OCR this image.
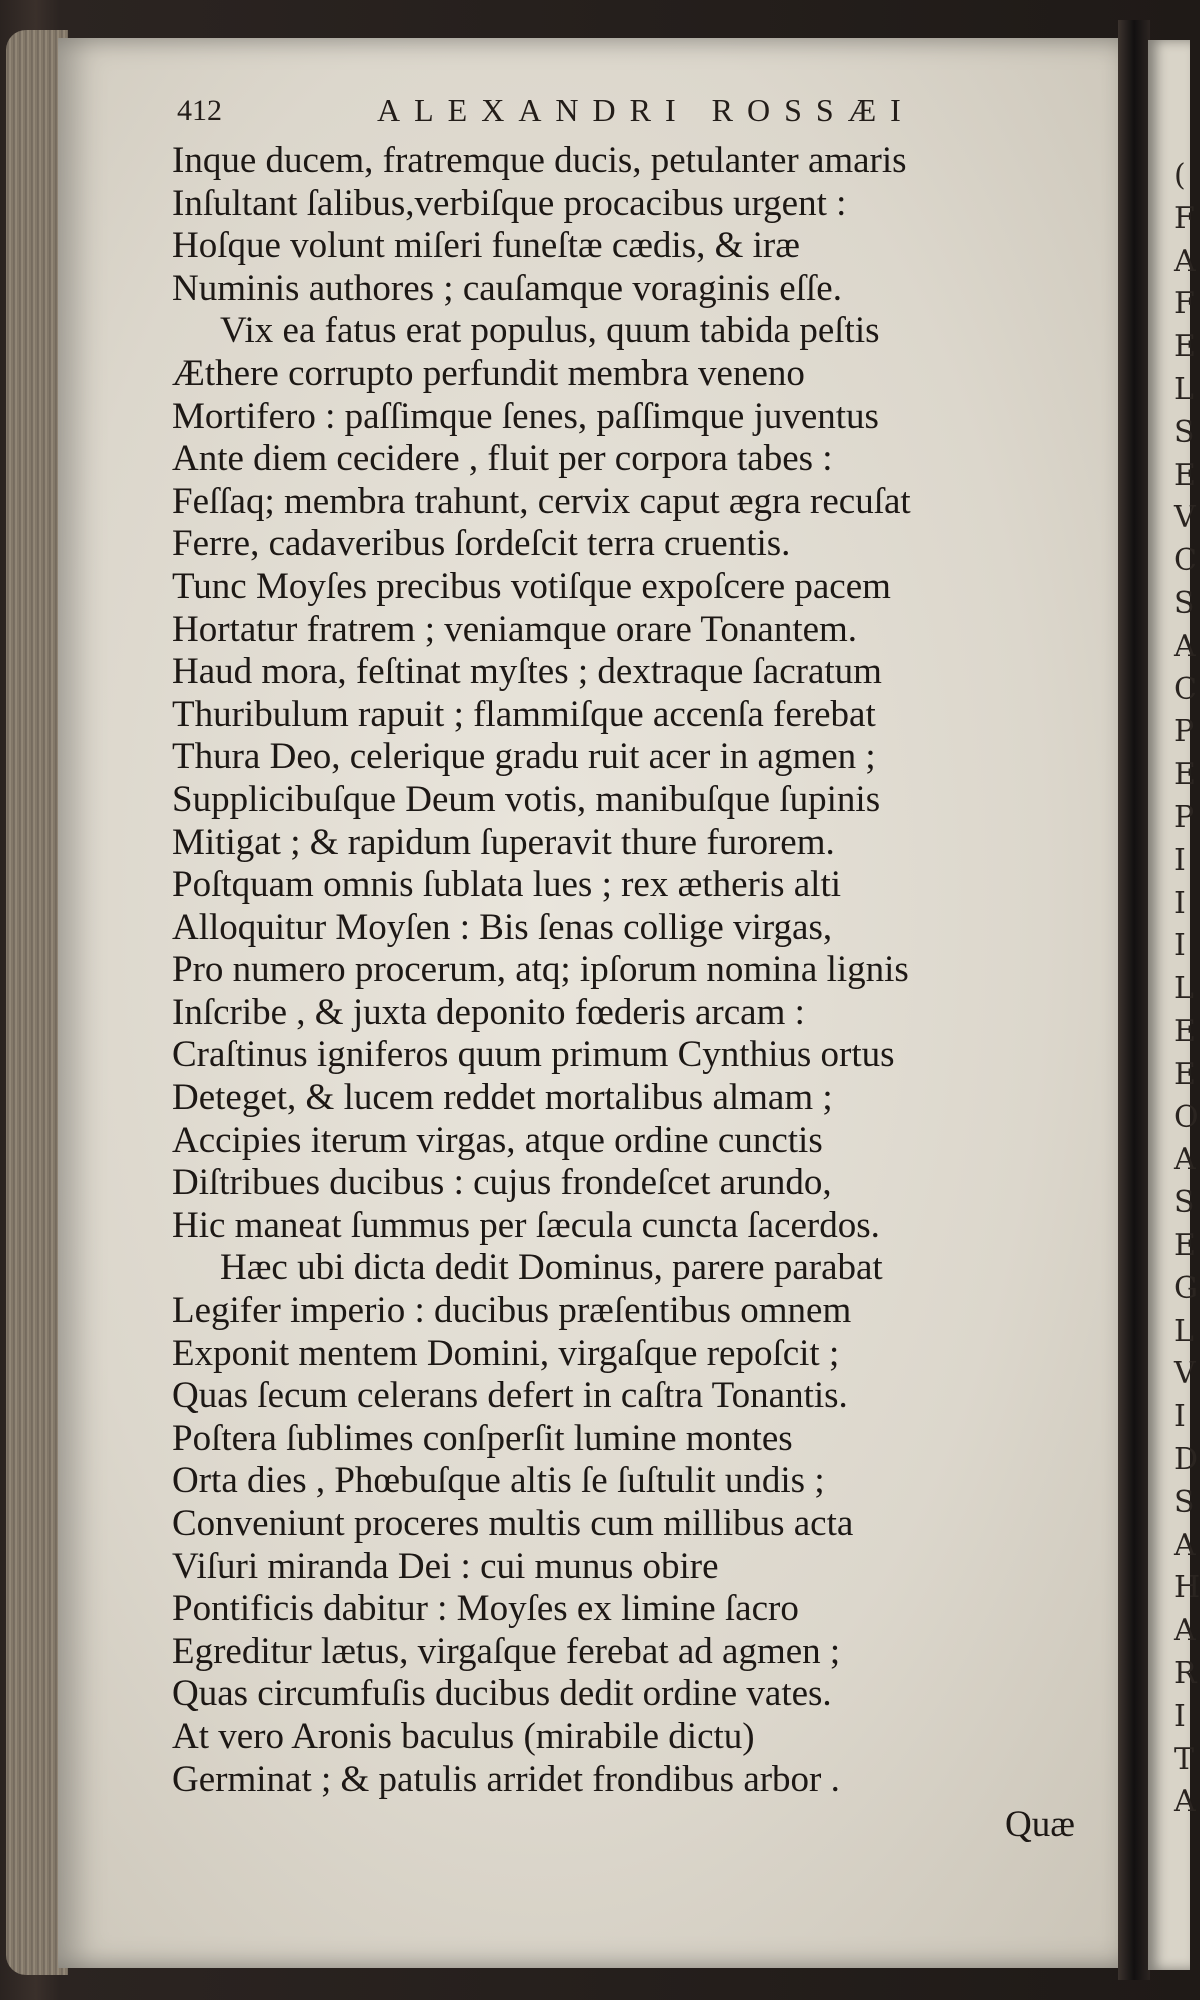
(
F
A
F
E
L
S
E
V
C
S
A
C
P
E
P
I
I
I
L
E
E
O
A
S
E
G
L
V
I
D
S
A
H
A
R
I
T
A
412	ALEXANDRI ROSSÆI
Inque ducem, fratremque ducis, petulanter amaris
Inſultant ſalibus,verbiſque procacibus urgent :
Hoſque volunt miſeri funeſtæ cædis, & iræ
Numinis authores ; cauſamque voraginis eſſe.
Vix ea fatus erat populus, quum tabida peſtis
Æthere corrupto perfundit membra veneno
Mortifero : paſſimque ſenes, paſſimque juventus
Ante diem cecidere , fluit per corpora tabes :
Feſſaq; membra trahunt, cervix caput ægra recuſat
Ferre, cadaveribus ſordeſcit terra cruentis.
Tunc Moyſes precibus votiſque expoſcere pacem
Hortatur fratrem ; veniamque orare Tonantem.
Haud mora, feſtinat myſtes ; dextraque ſacratum
Thuribulum rapuit ; flammiſque accenſa ferebat
Thura Deo, celerique gradu ruit acer in agmen ;
Supplicibuſque Deum votis, manibuſque ſupinis
Mitigat ; & rapidum ſuperavit thure furorem.
Poſtquam omnis ſublata lues ; rex ætheris alti
Alloquitur Moyſen : Bis ſenas collige virgas,
Pro numero procerum, atq; ipſorum nomina lignis
Inſcribe , & juxta deponito fœderis arcam :
Craſtinus igniferos quum primum Cynthius ortus
Deteget, & lucem reddet mortalibus almam ;
Accipies iterum virgas, atque ordine cunctis
Diſtribues ducibus : cujus frondeſcet arundo,
Hic maneat ſummus per ſæcula cuncta ſacerdos.
Hæc ubi dicta dedit Dominus, parere parabat
Legifer imperio : ducibus præſentibus omnem
Exponit mentem Domini, virgaſque repoſcit ;
Quas ſecum celerans defert in caſtra Tonantis.
Poſtera ſublimes conſperſit lumine montes
Orta dies , Phœbuſque altis ſe ſuſtulit undis ;
Conveniunt proceres multis cum millibus acta
Viſuri miranda Dei : cui munus obire
Pontificis dabitur : Moyſes ex limine ſacro
Egreditur lætus, virgaſque ferebat ad agmen ;
Quas circumfuſis ducibus dedit ordine vates.
At vero Aronis baculus (mirabile dictu)
Germinat ; & patulis arridet frondibus arbor .
Quæ
